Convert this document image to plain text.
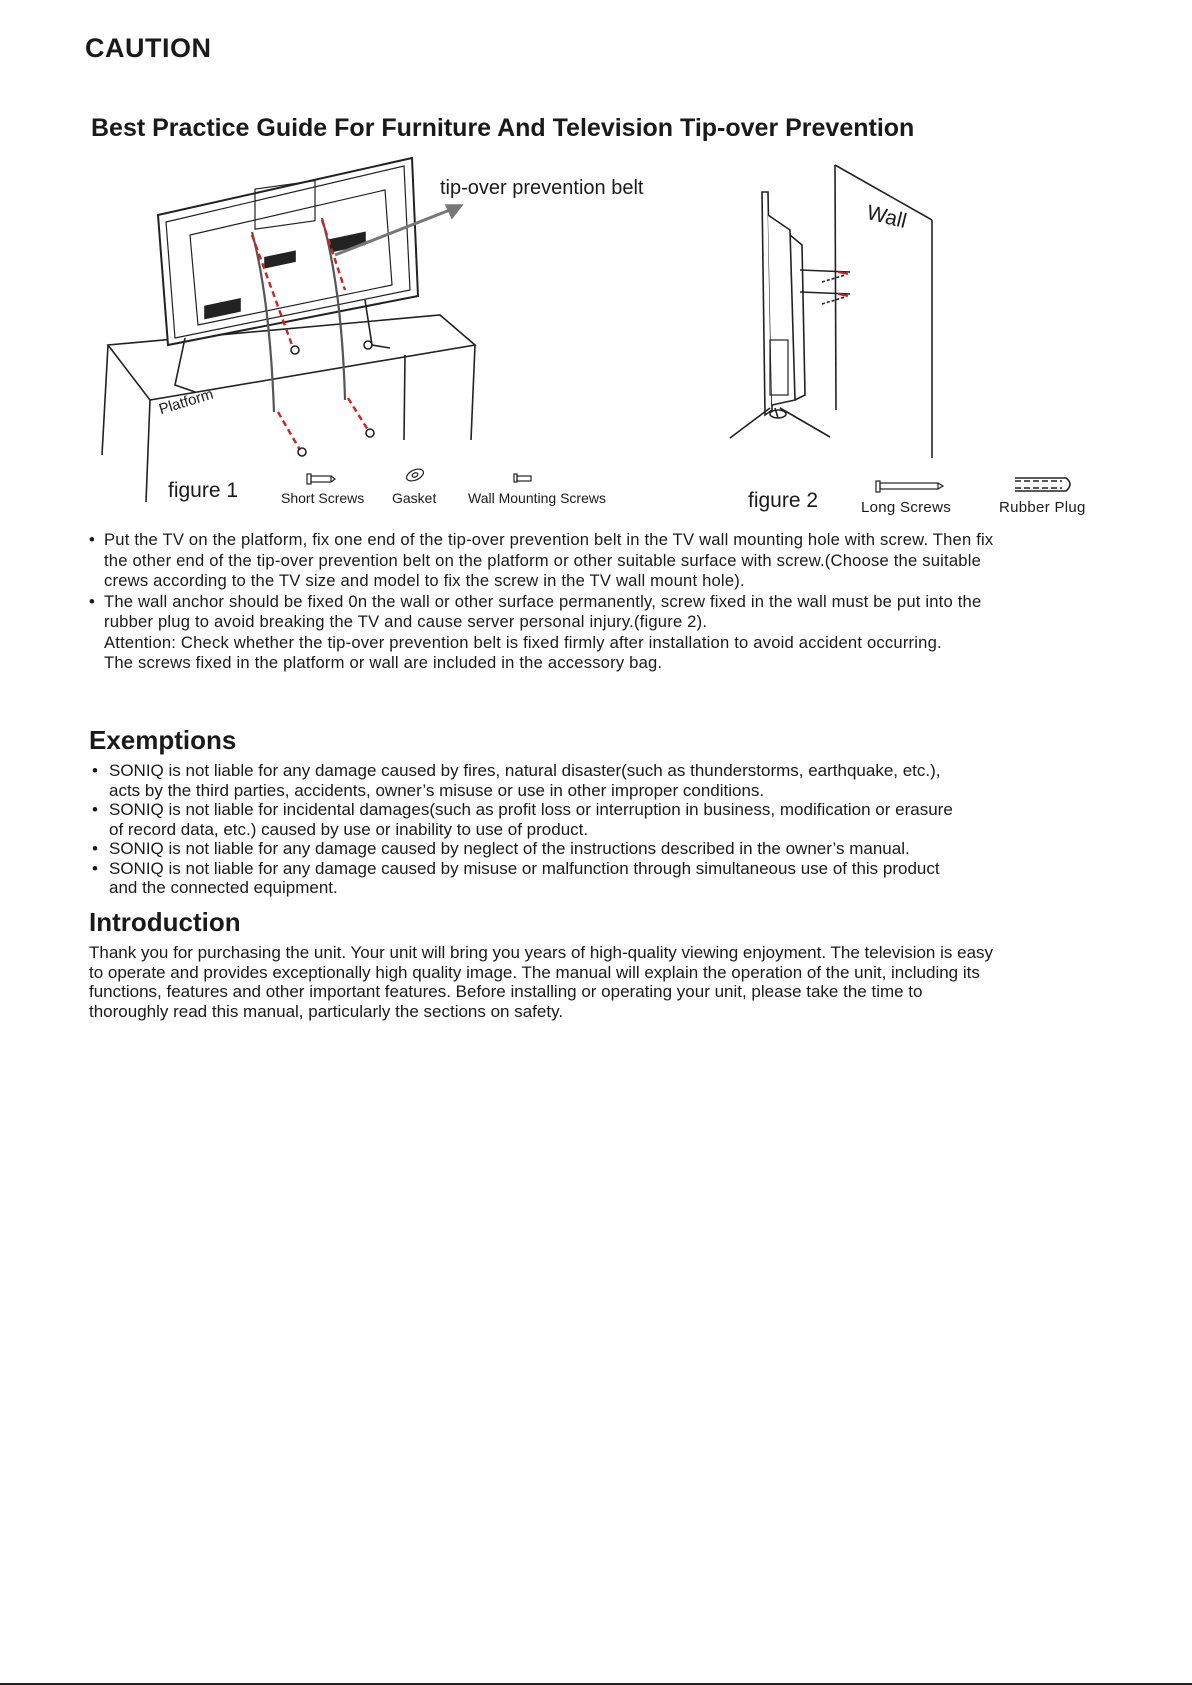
CAUTION
Best Practice Guide For Furniture And Television Tip-over Prevention
tip-over prevention belt
Platform
figure 1	Short Screws Gasket Wall Mounting Screws
Wall
figure 2	Long Screws	Rubber Plug
• Put the TV on the platform, fix one end of the tip-over prevention belt in the TV wall mounting hole with screw. Then fix
the other end of the tip-over prevention belt on the platform or other suitable surface with screw.(Choose the suitable
crews according to the TV size and model to fix the screw in the TV wall mount hole).
• The wall anchor should be fixed 0n the wall or other surface permanently, screw fixed in the wall must be put into the
rubber plug to avoid breaking the TV and cause server personal injury.(figure 2).
Attention: Check whether the tip-over prevention belt is fixed firmly after installation to avoid accident occurring.
The screws fixed in the platform or wall are included in the accessory bag.
Exemptions
• SONIQ is not liable for any damage caused by fires, natural disaster(such as thunderstorms, earthquake, etc.),
acts by the third parties, accidents, owner’s misuse or use in other improper conditions.
• SONIQ is not liable for incidental damages(such as profit loss or interruption in business, modification or erasure
of record data, etc.) caused by use or inability to use of product.
• SONIQ is not liable for any damage caused by neglect of the instructions described in the owner’s manual.
• SONIQ is not liable for any damage caused by misuse or malfunction through simultaneous use of this product
and the connected equipment.
Introduction
Thank you for purchasing the unit. Your unit will bring you years of high-quality viewing enjoyment. The television is easy
to operate and provides exceptionally high quality image. The manual will explain the operation of the unit, including its
functions, features and other important features. Before installing or operating your unit, please take the time to
thoroughly read this manual, particularly the sections on safety.
